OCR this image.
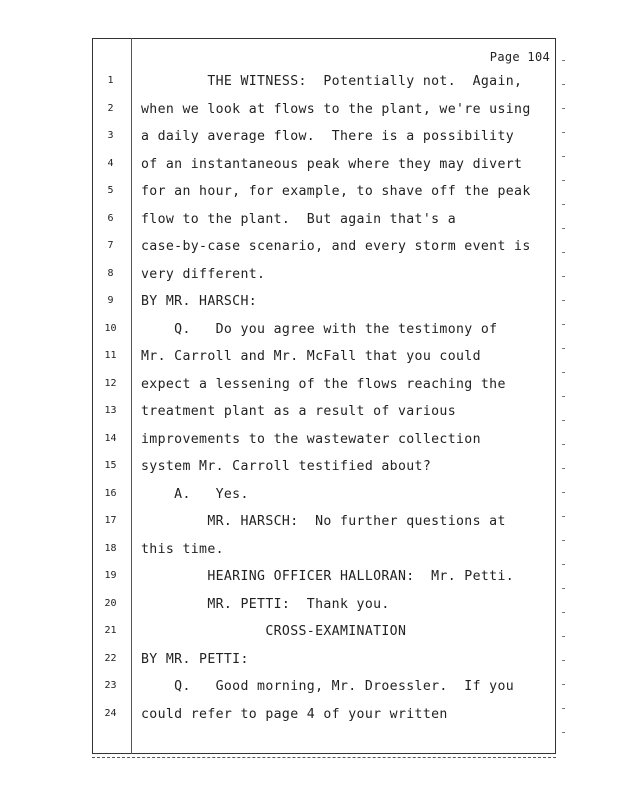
Page 104
1	THE WITNESS:  Potentially not.  Again,
2	when we look at flows to the plant, we're using
3	a daily average flow.  There is a possibility
4	of an instantaneous peak where they may divert
5	for an hour, for example, to shave off the peak
6	flow to the plant.  But again that's a
7	case-by-case scenario, and every storm event is
8	very different.
9	BY MR. HARSCH:
10	Q.   Do you agree with the testimony of
11	Mr. Carroll and Mr. McFall that you could
12	expect a lessening of the flows reaching the
13	treatment plant as a result of various
14	improvements to the wastewater collection
15	system Mr. Carroll testified about?
16	A.   Yes.
17	MR. HARSCH:  No further questions at
18	this time.
19	HEARING OFFICER HALLORAN:  Mr. Petti.
20	MR. PETTI:  Thank you.
21	CROSS-EXAMINATION
22	BY MR. PETTI:
23	Q.   Good morning, Mr. Droessler.  If you
24	could refer to page 4 of your written
